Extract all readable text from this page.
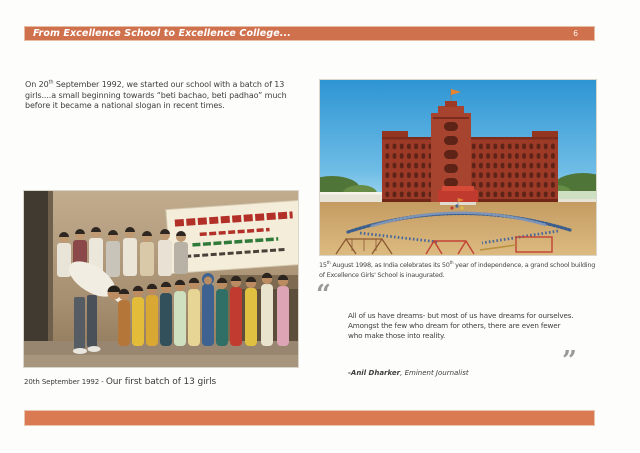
From Excellence School to Excellence College...	6

On 20th September 1992, we started our school with a batch of 13
girls....a small beginning towards “beti bachao, beti padhao” much
before it became a national slogan in recent times.

15th August 1998, as India celebrates its 50th year of independence, a grand school building of Excellence Girls' School is inaugurated.

20th September 1992 - Our first batch of 13 girls
“
All of us have dreams- but most of us have dreams for ourselves.
Amongst the few who dream for others, there are even fewer
who make those into reality.
”
-Anil Dharker, Eminent Journalist
